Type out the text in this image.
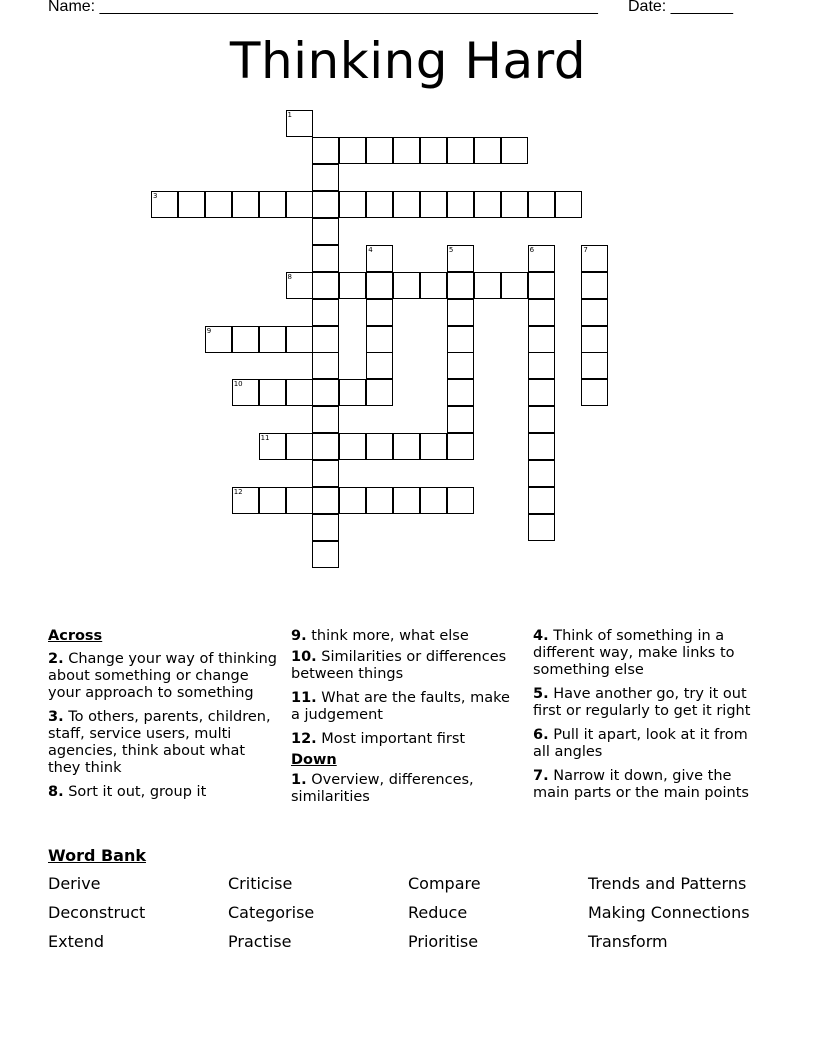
Name: ________________________________________________________ Date: _______
Thinking Hard
1
3
4	5	6	7
8
9
10
11
12
Across
2. Change your way of thinking about something or change your approach to something
3. To others, parents, children, staff, service users, multi agencies, think about what they think
8. Sort it out, group it
9. think more, what else
10. Similarities or differences between things
11. What are the faults, make a judgement
12. Most important first
Down
1. Overview, differences, similarities
4. Think of something in a different way, make links to something else
5. Have another go, try it out first or regularly to get it right
6. Pull it apart, look at it from all angles
7. Narrow it down, give the main parts or the main points
Word Bank
Derive
Deconstruct
Extend
Criticise
Categorise
Practise
Compare
Reduce
Prioritise
Trends and Patterns
Making Connections
Transform
